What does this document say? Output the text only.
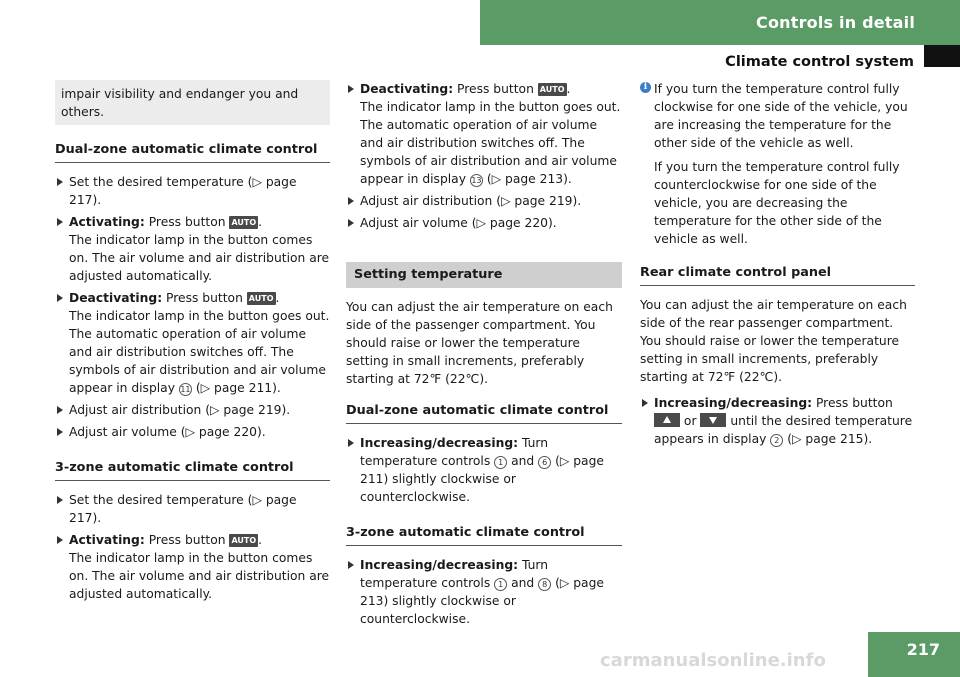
Controls in detail
Climate control system
217
impair visibility and endanger you and others.
Dual-zone automatic climate control
Set the desired temperature (▷ page 217).
Activating: Press button AUTO .
The indicator lamp in the button comes on. The air volume and air distribution are adjusted automatically.
Deactivating: Press button AUTO .
The indicator lamp in the button goes out. The automatic operation of air volume and air distribution switches off. The symbols of air distribution and air volume appear in display 11 (▷ page 211).
Adjust air distribution (▷ page 219).
Adjust air volume (▷ page 220).
3-zone automatic climate control
Set the desired temperature (▷ page 217).
Activating: Press button AUTO .
The indicator lamp in the button comes on. The air volume and air distribution are adjusted automatically.
Deactivating: Press button AUTO .
The indicator lamp in the button goes out. The automatic operation of air volume and air distribution switches off. The symbols of air distribution and air volume appear in display 13 (▷ page 213).
Adjust air distribution (▷ page 219).
Adjust air volume (▷ page 220).
Setting temperature
You can adjust the air temperature on each side of the passenger compartment. You should raise or lower the temperature setting in small increments, preferably starting at 72℉ (22℃).
Dual-zone automatic climate control
Increasing/decreasing: Turn temperature controls 1 and 6 (▷ page 211) slightly clockwise or counterclockwise.
3-zone automatic climate control
Increasing/decreasing: Turn temperature controls 1 and 8 (▷ page 213) slightly clockwise or counterclockwise.
i If you turn the temperature control fully clockwise for one side of the vehicle, you are increasing the temperature for the other side of the vehicle as well.
If you turn the temperature control fully counterclockwise for one side of the vehicle, you are decreasing the temperature for the other side of the vehicle as well.
Rear climate control panel
You can adjust the air temperature on each side of the rear passenger compartment. You should raise or lower the temperature setting in small increments, preferably starting at 72℉ (22℃).
Increasing/decreasing: Press button
or	until the desired temperature appears in display 2 (▷ page 215).
carmanualsonline.info
